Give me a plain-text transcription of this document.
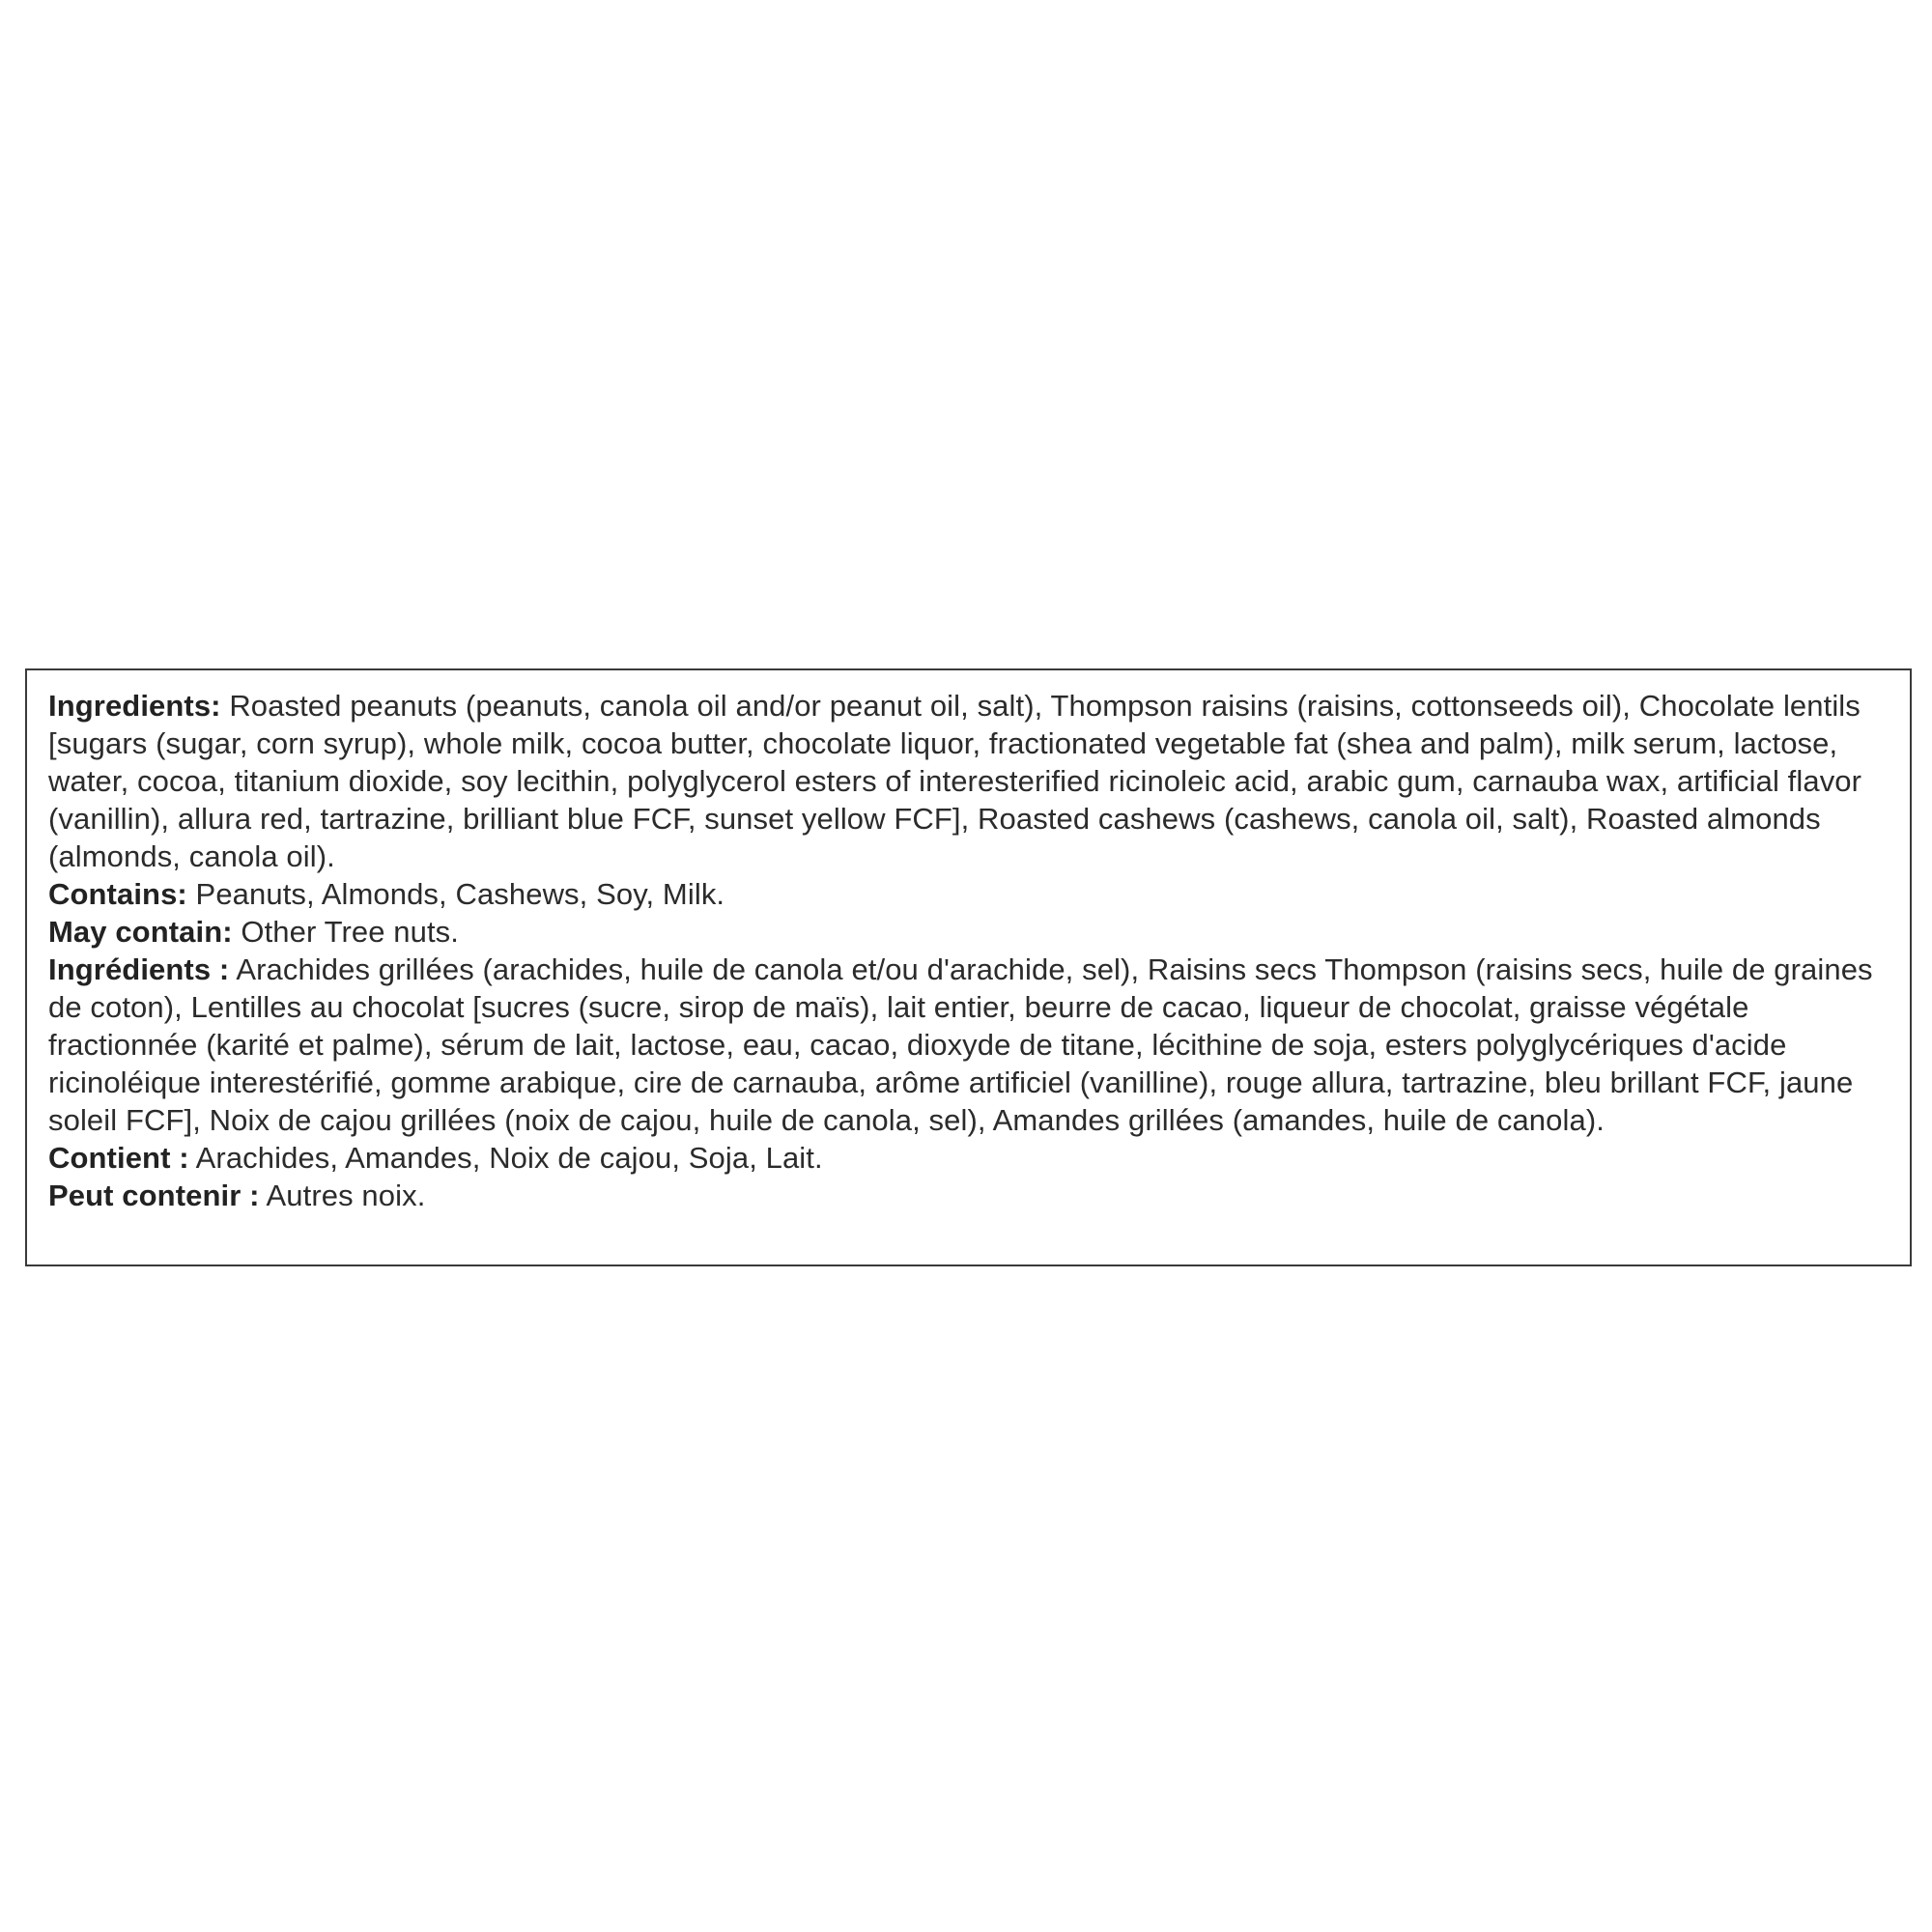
Ingredients: Roasted peanuts (peanuts, canola oil and/or peanut oil, salt), Thompson raisins (raisins, cottonseeds oil), Chocolate lentils [sugars (sugar, corn syrup), whole milk, cocoa butter, chocolate liquor, fractionated vegetable fat (shea and palm), milk serum, lactose, water, cocoa, titanium dioxide, soy lecithin, polyglycerol esters of interesterified ricinoleic acid, arabic gum, carnauba wax, artificial flavor (vanillin), allura red, tartrazine, brilliant blue FCF, sunset yellow FCF], Roasted cashews (cashews, canola oil, salt), Roasted almonds (almonds, canola oil).

Contains: Peanuts, Almonds, Cashews, Soy, Milk.

May contain: Other Tree nuts.

Ingrédients : Arachides grillées (arachides, huile de canola et/ou d'arachide, sel), Raisins secs Thompson (raisins secs, huile de graines de coton), Lentilles au chocolat [sucres (sucre, sirop de maïs), lait entier, beurre de cacao, liqueur de chocolat, graisse végétale fractionnée (karité et palme), sérum de lait, lactose, eau, cacao, dioxyde de titane, lécithine de soja, esters polyglycériques d'acide ricinoléique interestérifié, gomme arabique, cire de carnauba, arôme artificiel (vanilline), rouge allura, tartrazine, bleu brillant FCF, jaune soleil FCF], Noix de cajou grillées (noix de cajou, huile de canola, sel), Amandes grillées (amandes, huile de canola).

Contient : Arachides, Amandes, Noix de cajou, Soja, Lait.

Peut contenir : Autres noix.
